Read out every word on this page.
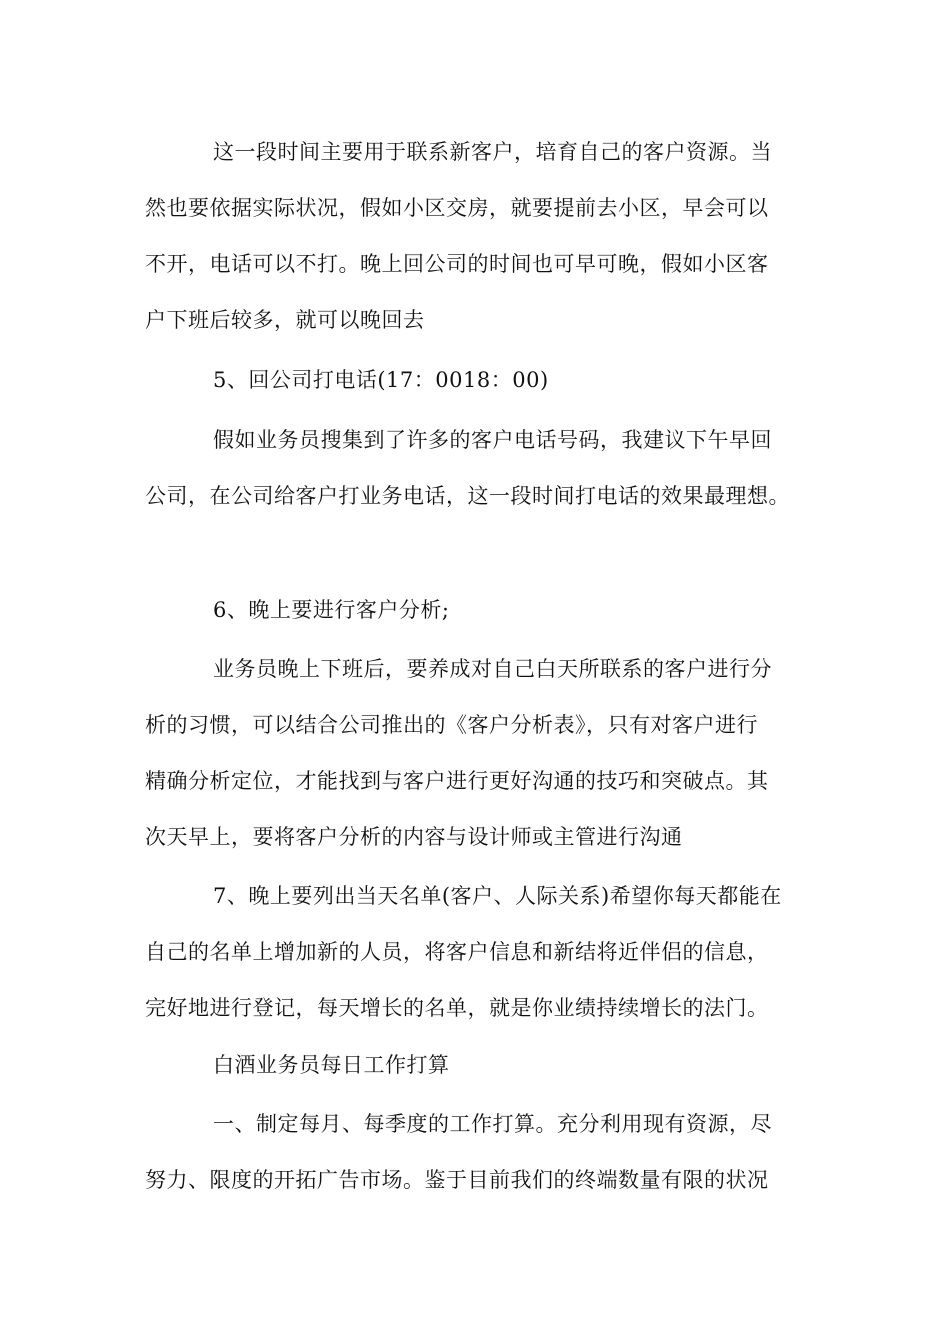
这一段时间主要用于联系新客户，培育自己的客户资源。当
然也要依据实际状况，假如小区交房，就要提前去小区，早会可以
不开，电话可以不打。晚上回公司的时间也可早可晚，假如小区客
户下班后较多，就可以晚回去
5、回公司打电话(17：0018：00)
假如业务员搜集到了许多的客户电话号码，我建议下午早回
公司，在公司给客户打业务电话，这一段时间打电话的效果最理想。
6、晚上要进行客户分析;
业务员晚上下班后，要养成对自己白天所联系的客户进行分
析的习惯，可以结合公司推出的《客户分析表》，只有对客户进行
精确分析定位，才能找到与客户进行更好沟通的技巧和突破点。其
次天早上，要将客户分析的内容与设计师或主管进行沟通
7、晚上要列出当天名单(客户、人际关系)希望你每天都能在
自己的名单上增加新的人员，将客户信息和新结将近伴侣的信息，
完好地进行登记，每天增长的名单，就是你业绩持续增长的法门。
白酒业务员每日工作打算
一、制定每月、每季度的工作打算。充分利用现有资源，尽
努力、限度的开拓广告市场。鉴于目前我们的终端数量有限的状况
